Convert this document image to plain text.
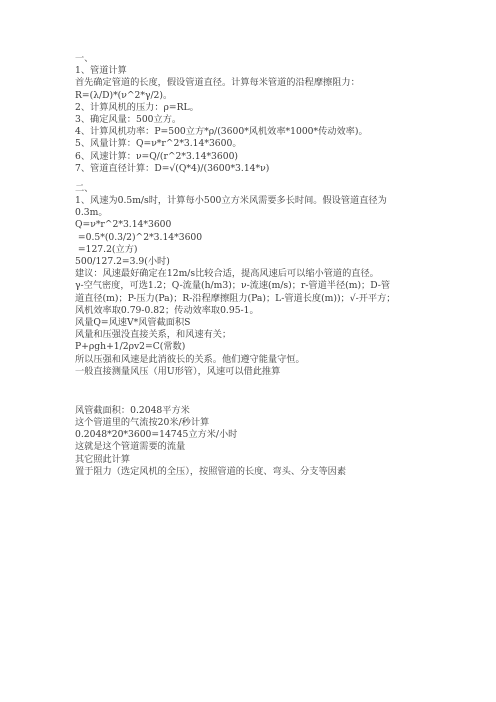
一、
1、管道计算
首先确定管道的长度，假设管道直径。计算每米管道的沿程摩擦阻力：
R=(λ/D)*(ν^2*γ/2)。
2、计算风机的压力：ρ=RL。
3、确定风量：500立方。
4、计算风机功率：P=500立方*ρ/(3600*风机效率*1000*传动效率)。
5、风量计算：Q=ν*r^2*3.14*3600。
6、风速计算：ν=Q/(r^2*3.14*3600)
7、管道直径计算：D=√(Q*4)/(3600*3.14*ν)
二、
1、风速为0.5m/s时，计算每小500立方米风需要多长时间。假设管道直径为
0.3m。
Q=ν*r^2*3.14*3600
=0.5*(0.3/2)^2*3.14*3600
=127.2(立方)
500/127.2=3.9(小时)
建议：风速最好确定在12m/s比较合适，提高风速后可以缩小管道的直径。
γ-空气密度，可选1.2；Q-流量(h/m3)；ν-流速(m/s)；r-管道半径(m)；D-管
道直径(m)；P-压力(Pa)；R-沿程摩擦阻力(Pa)；L-管道长度(m))；√-开平方；
风机效率取0.79-0.82；传动效率取0.95-1。
风量Q=风速V*风管截面积S
风量和压强没直接关系，和风速有关；
P+ρgh+1/2ρv2=C(常数)
所以压强和风速是此消彼长的关系。他们遵守能量守恒。
一般直接测量风压（用U形管），风速可以借此推算
风管截面积：0.2048平方米
这个管道里的气流按20米/秒计算
0.2048*20*3600=14745立方米/小时
这就是这个管道需要的流量
其它照此计算
置于阻力（选定风机的全压），按照管道的长度、弯头、分支等因素
